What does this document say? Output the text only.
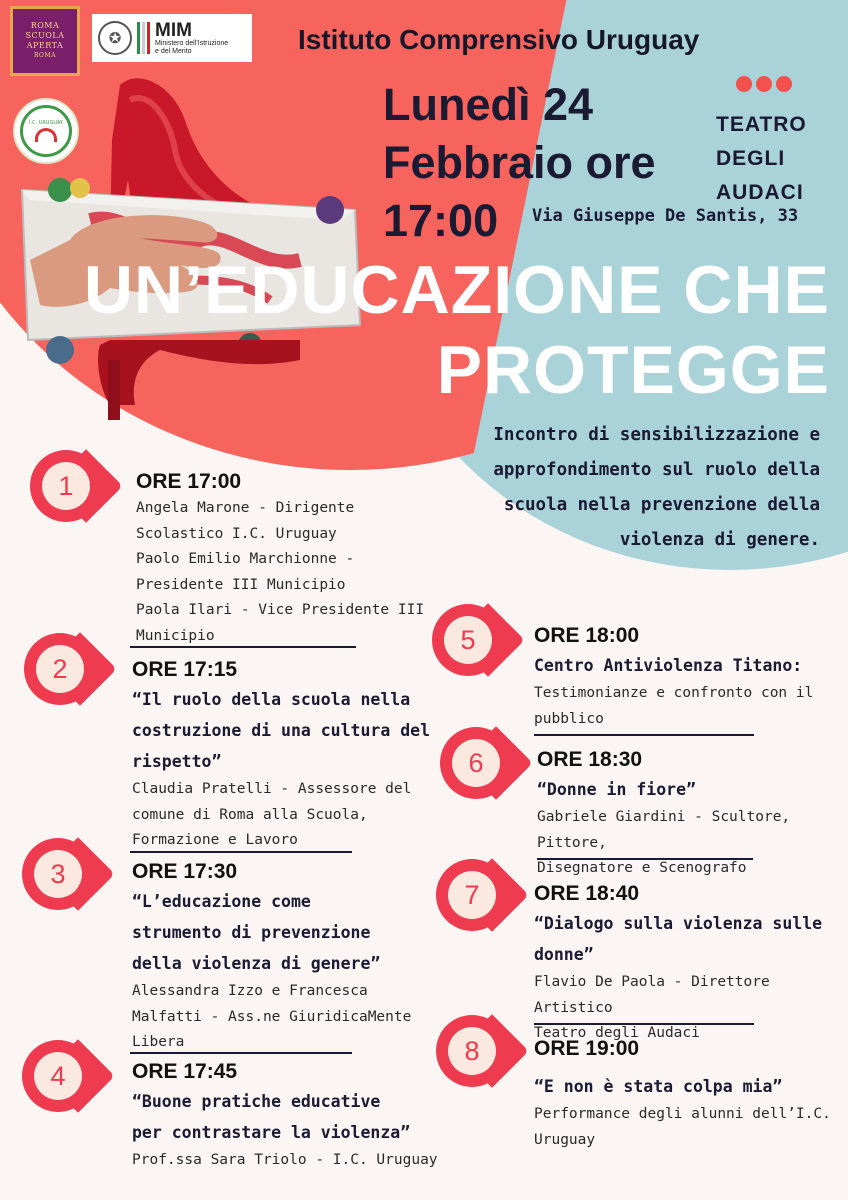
ROMA
SCUOLA
APERTA
ROMA
✪	MIM
Ministero dell’Istruzione
e del Merito
I.C. URUGUAY
Istituto Comprensivo Uruguay
Lunedì 24
Febbraio ore
17:00
TEATRO
DEGLI
AUDACI
Via Giuseppe De Santis, 33
UN’EDUCAZIONE CHE
PROTEGGE
Incontro di sensibilizzazione e
approfondimento sul ruolo della
scuola nella prevenzione della
violenza di genere.
1	ORE 17:00
Angela Marone - Dirigente
Scolastico I.C. Uruguay
Paolo Emilio Marchionne -
Presidente III Municipio
Paola Ilari - Vice Presidente III
Municipio
2	ORE 17:15
“Il ruolo della scuola nella
costruzione di una cultura del
rispetto”
Claudia Pratelli - Assessore del
comune di Roma alla Scuola,
Formazione e Lavoro
3	ORE 17:30
“L’educazione come
strumento di prevenzione
della violenza di genere”
Alessandra Izzo e Francesca
Malfatti - Ass.ne GiuridicaMente
Libera
4	ORE 17:45
“Buone pratiche educative
per contrastare la violenza”
Prof.ssa Sara Triolo - I.C. Uruguay
5	ORE 18:00
Centro Antiviolenza Titano:
Testimonianze e confronto con il
pubblico
6	ORE 18:30
“Donne in fiore”
Gabriele Giardini - Scultore, Pittore,
Disegnatore e Scenografo
7	ORE 18:40
“Dialogo sulla violenza sulle
donne”
Flavio De Paola - Direttore Artistico
Teatro degli Audaci
8	ORE 19:00
“E non è stata colpa mia”
Performance degli alunni dell’I.C.
Uruguay
